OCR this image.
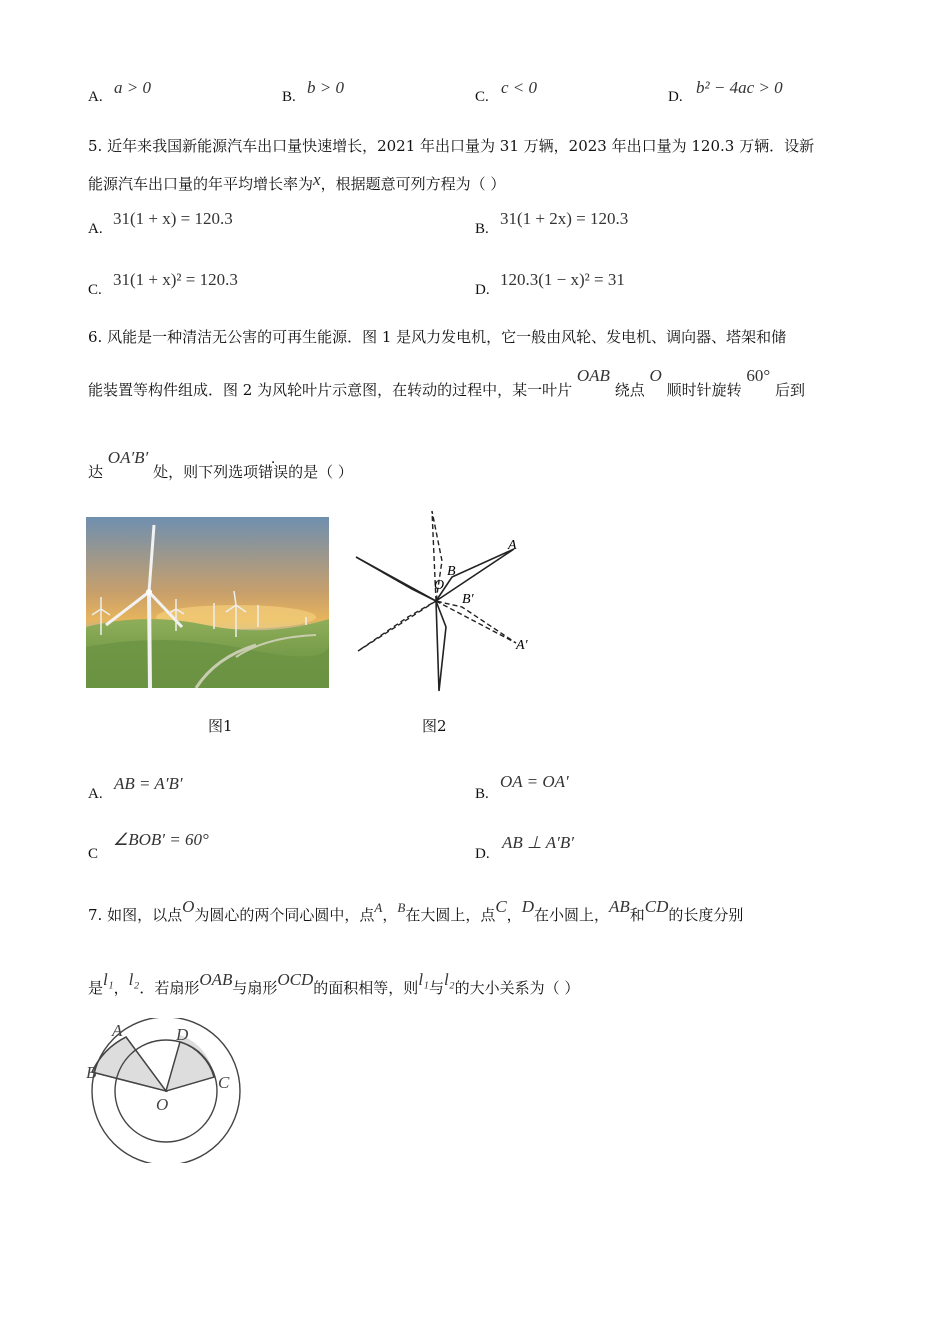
A. a > 0	B. b > 0	C. c < 0	D. b² − 4ac > 0
5. 近年来我国新能源汽车出口量快速增长，2021 年出口量为 31 万辆，2023 年出口量为 120.3 万辆．设新
能源汽车出口量的年平均增长率为x，根据题意可列方程为（ ）
A.
31(1 + x) = 120.3
B.
31(1 + 2x) = 120.3
C.
31(1 + x)² = 120.3
D.
120.3(1 − x)² = 31
6. 风能是一种清洁无公害的可再生能源．图 1 是风力发电机，它一般由风轮、发电机、调向器、塔架和储
能装置等构件组成．图 2 为风轮叶片示意图，在转动的过程中，某一叶片 OAB 绕点 O 顺时针旋转 60° 后到
达 OA′B′ 处，则下列选项错误的是（ ）
图1
A
B
O
B′
A′
图2
A.
AB = A′B′
B.
OA = OA′
C
∠BOB′ = 60°
D.
AB ⊥ A′B′
7. 如图，以点O为圆心的两个同心圆中，点A，B在大圆上，点C，D在小圆上，AB和CD的长度分别
是l₁，l₂．若扇形OAB与扇形OCD的面积相等，则l₁与l₂的大小关系为（ ）
A
B
D
C
O
